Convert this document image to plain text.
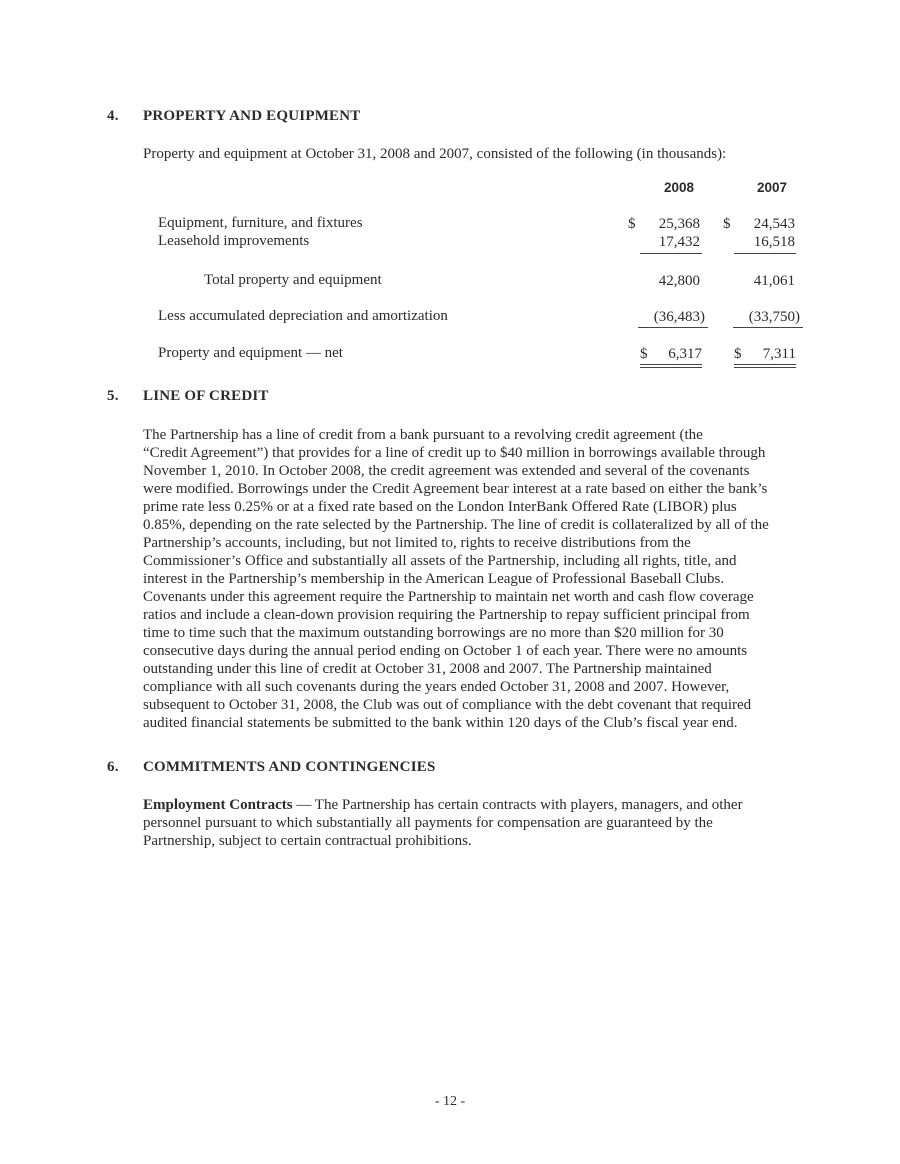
4. PROPERTY AND EQUIPMENT
Property and equipment at October 31, 2008 and 2007, consisted of the following (in thousands):
2008	2007
Equipment, furniture, and fixtures	$ 25,368 $ 24,543
Leasehold improvements	17,432	16,518
Total property and equipment	42,800	41,061
Less accumulated depreciation and amortization	(36,483)	(33,750)
Property and equipment — net	$ 6,317 $ 7,311
5. LINE OF CREDIT
The Partnership has a line of credit from a bank pursuant to a revolving credit agreement (the
“Credit Agreement”) that provides for a line of credit up to $40 million in borrowings available through
November 1, 2010. In October 2008, the credit agreement was extended and several of the covenants
were modified. Borrowings under the Credit Agreement bear interest at a rate based on either the bank’s
prime rate less 0.25% or at a fixed rate based on the London InterBank Offered Rate (LIBOR) plus
0.85%, depending on the rate selected by the Partnership. The line of credit is collateralized by all of the
Partnership’s accounts, including, but not limited to, rights to receive distributions from the
Commissioner’s Office and substantially all assets of the Partnership, including all rights, title, and
interest in the Partnership’s membership in the American League of Professional Baseball Clubs.
Covenants under this agreement require the Partnership to maintain net worth and cash flow coverage
ratios and include a clean-down provision requiring the Partnership to repay sufficient principal from
time to time such that the maximum outstanding borrowings are no more than $20 million for 30
consecutive days during the annual period ending on October 1 of each year. There were no amounts
outstanding under this line of credit at October 31, 2008 and 2007. The Partnership maintained
compliance with all such covenants during the years ended October 31, 2008 and 2007. However,
subsequent to October 31, 2008, the Club was out of compliance with the debt covenant that required
audited financial statements be submitted to the bank within 120 days of the Club’s fiscal year end.
6. COMMITMENTS AND CONTINGENCIES
Employment Contracts — The Partnership has certain contracts with players, managers, and other
personnel pursuant to which substantially all payments for compensation are guaranteed by the
Partnership, subject to certain contractual prohibitions.
- 12 -
